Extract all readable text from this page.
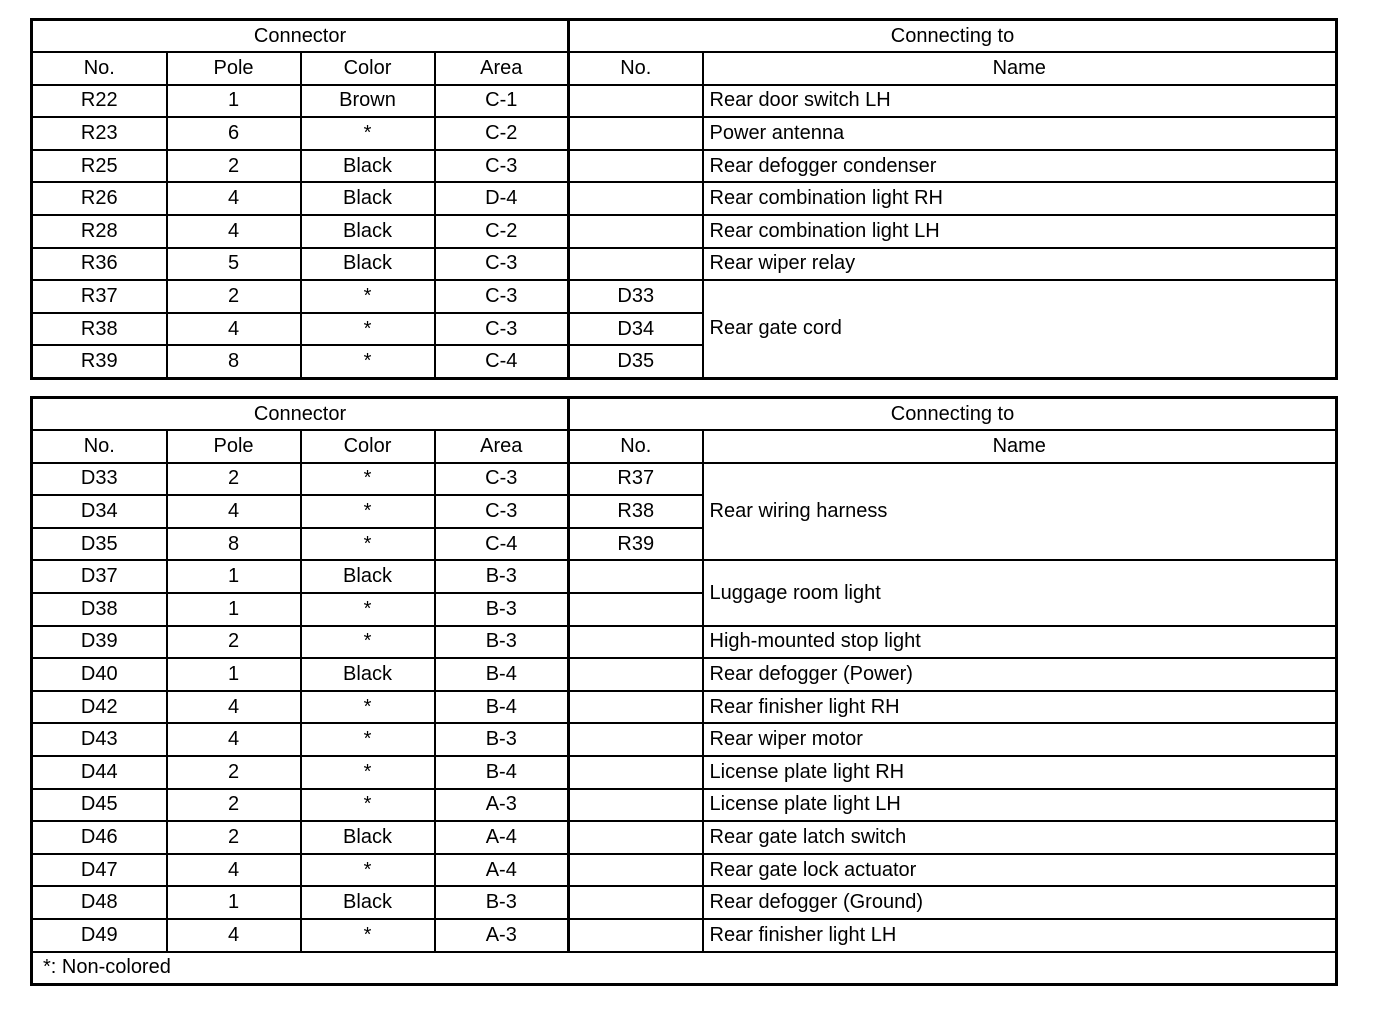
Connector				Connecting to	
No.	Pole	Color	Area	No.	Name
R22	1	Brown	C-1		Rear door switch LH
R23	6	*	C-2		Power antenna
R25	2	Black	C-3		Rear defogger condenser
R26	4	Black	D-4		Rear combination light RH
R28	4	Black	C-2		Rear combination light LH
R36	5	Black	C-3		Rear wiper relay
R37	2	*	C-3	D33	Rear gate cord
R38	4	*	C-3	D34	
R39	8	*	C-4	D35	
Connector				Connecting to	
No.	Pole	Color	Area	No.	Name
D33	2	*	C-3	R37	Rear wiring harness
D34	4	*	C-3	R38	
D35	8	*	C-4	R39	
D37	1	Black	B-3		Luggage room light
D38	1	*	B-3		
D39	2	*	B-3		High-mounted stop light
D40	1	Black	B-4		Rear defogger (Power)
D42	4	*	B-4		Rear finisher light RH
D43	4	*	B-3		Rear wiper motor
D44	2	*	B-4		License plate light RH
D45	2	*	A-3		License plate light LH
D46	2	Black	A-4		Rear gate latch switch
D47	4	*	A-4		Rear gate lock actuator
D48	1	Black	B-3		Rear defogger (Ground)
D49	4	*	A-3		Rear finisher light LH
*: Non-colored					
